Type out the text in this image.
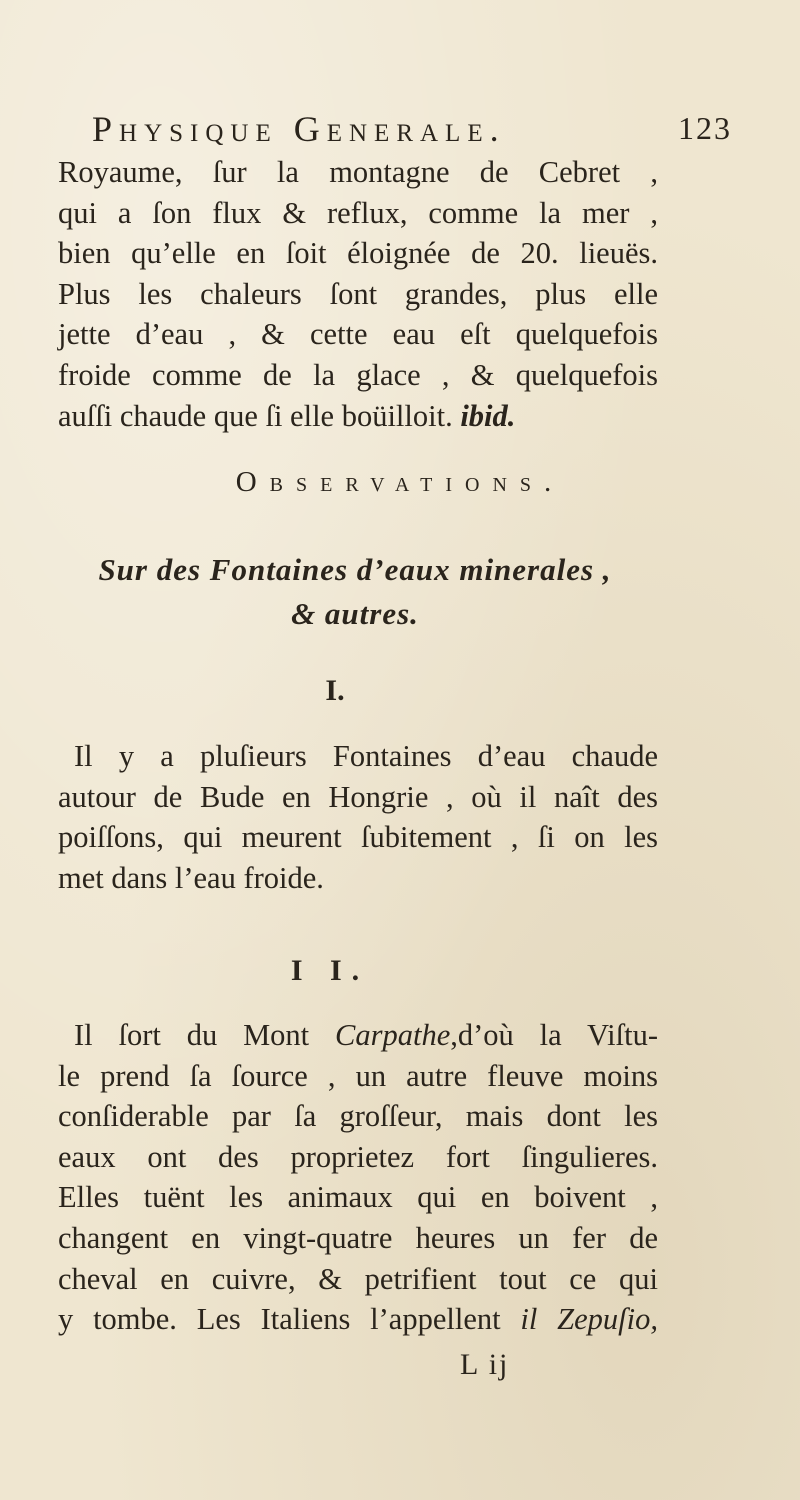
Physique Generale.	123
Royaume, ſur la montagne de Cebret ,
qui a ſon flux & reflux, comme la mer ,
bien qu’elle en ſoit éloignée de 20. lieuës.
Plus les chaleurs ſont grandes, plus elle
jette d’eau , & cette eau eſt quelquefois
froide comme de la glace , & quelquefois
auſſi chaude que ſi elle boüilloit. ibid.
Observations.
Sur des Fontaines d’eaux minerales ,
& autres.
I.
Il y a pluſieurs Fontaines d’eau chaude
autour de Bude en Hongrie , où il naît des
poiſſons, qui meurent ſubitement , ſi on les
met dans l’eau froide.
I I.
Il ſort du Mont Carpathe,d’où la Viſtu-
le prend ſa ſource , un autre fleuve moins
conſiderable par ſa groſſeur, mais dont les
eaux ont des proprietez fort ſingulieres.
Elles tuënt les animaux qui en boivent ,
changent en vingt-quatre heures un fer de
cheval en cuivre, & petrifient tout ce qui
y tombe. Les Italiens l’appellent il Zepuſio,
L ij
